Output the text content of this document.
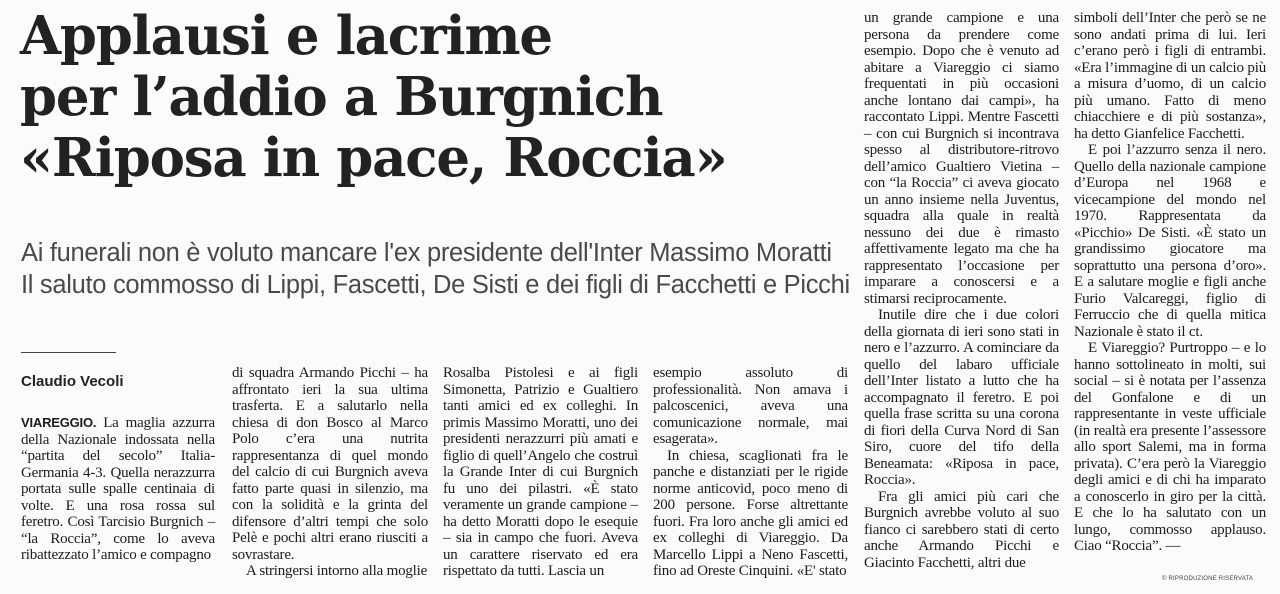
Applausi e lacrime
per l’addio a Burgnich
«Riposa in pace, Roccia»
Ai funerali non è voluto mancare l'ex presidente dell'Inter Massimo Moratti
Il saluto commosso di Lippi, Fascetti, De Sisti e dei figli di Facchetti e Picchi
Claudio Vecoli

VIAREGGIO. La maglia azzurra della Nazionale indossata nella “partita del secolo” Italia-Germania 4-3. Quella nerazzurra portata sulle spalle centinaia di volte. E una rosa rossa sul feretro. Così Tarcisio Burgnich – “la Roccia”, come lo aveva ribattezzato l’amico e compagno

di squadra Armando Picchi – ha affrontato ieri la sua ultima trasferta. E a salutarlo nella chiesa di don Bosco al Marco Polo c’era una nutrita rappresentanza di quel mondo del calcio di cui Burgnich aveva fatto parte quasi in silenzio, ma con la solidità e la grinta del difensore d’altri tempi che solo Pelè e pochi altri erano riusciti a sovrastare.

A stringersi intorno alla moglie

Rosalba Pistolesi e ai figli Simonetta, Patrizio e Gualtiero tanti amici ed ex colleghi. In primis Massimo Moratti, uno dei presidenti nerazzurri più amati e figlio di quell’Angelo che costruì la Grande Inter di cui Burgnich fu uno dei pilastri. «È stato veramente un grande campione – ha detto Moratti dopo le esequie – sia in campo che fuori. Aveva un carattere riservato ed era rispettato da tutti. Lascia un

esempio assoluto di professionalità. Non amava i palcoscenici, aveva una comunicazione normale, mai esagerata».

In chiesa, scaglionati fra le panche e distanziati per le rigide norme anticovid, poco meno di 200 persone. Forse altrettante fuori. Fra loro anche gli amici ed ex colleghi di Viareggio. Da Marcello Lippi a Neno Fascetti, fino ad Oreste Cinquini. «E' stato

un grande campione e una persona da prendere come esempio. Dopo che è venuto ad abitare a Viareggio ci siamo frequentati in più occasioni anche lontano dai campi», ha raccontato Lippi. Mentre Fascetti – con cui Burgnich si incontrava spesso al distributore-ritrovo dell’amico Gualtiero Vietina – con “la Roccia” ci aveva giocato un anno insieme nella Juventus, squadra alla quale in realtà nessuno dei due è rimasto affettivamente legato ma che ha rappresentato l’occasione per imparare a conoscersi e a stimarsi reciprocamente.

Inutile dire che i due colori della giornata di ieri sono stati in nero e l’azzurro. A cominciare da quello del labaro ufficiale dell’Inter listato a lutto che ha accompagnato il feretro. E poi quella frase scritta su una corona di fiori della Curva Nord di San Siro, cuore del tifo della Beneamata: «Riposa in pace, Roccia».

Fra gli amici più cari che Burgnich avrebbe voluto al suo fianco ci sarebbero stati di certo anche Armando Picchi e Giacinto Facchetti, altri due

simboli dell’Inter che però se ne sono andati prima di lui. Ieri c’erano però i figli di entrambi. «Era l’immagine di un calcio più a misura d’uomo, di un calcio più umano. Fatto di meno chiacchiere e di più sostanza», ha detto Gianfelice Facchetti.

E poi l’azzurro senza il nero. Quello della nazionale campione d’Europa nel 1968 e vicecampione del mondo nel 1970. Rappresentata da «Picchio» De Sisti. «È stato un grandissimo giocatore ma soprattutto una persona d’oro». E a salutare moglie e figli anche Furio Valcareggi, figlio di Ferruccio che di quella mitica Nazionale è stato il ct.

E Viareggio? Purtroppo – e lo hanno sottolineato in molti, sui social – si è notata per l’assenza del Gonfalone e di un rappresentante in veste ufficiale (in realtà era presente l’assessore allo sport Salemi, ma in forma privata). C’era però la Viareggio degli amici e di chi ha imparato a conoscerlo in giro per la città. E che lo ha salutato con un lungo, commosso applauso. Ciao “Roccia”. —

© RIPRODUZIONE RISERVATA
